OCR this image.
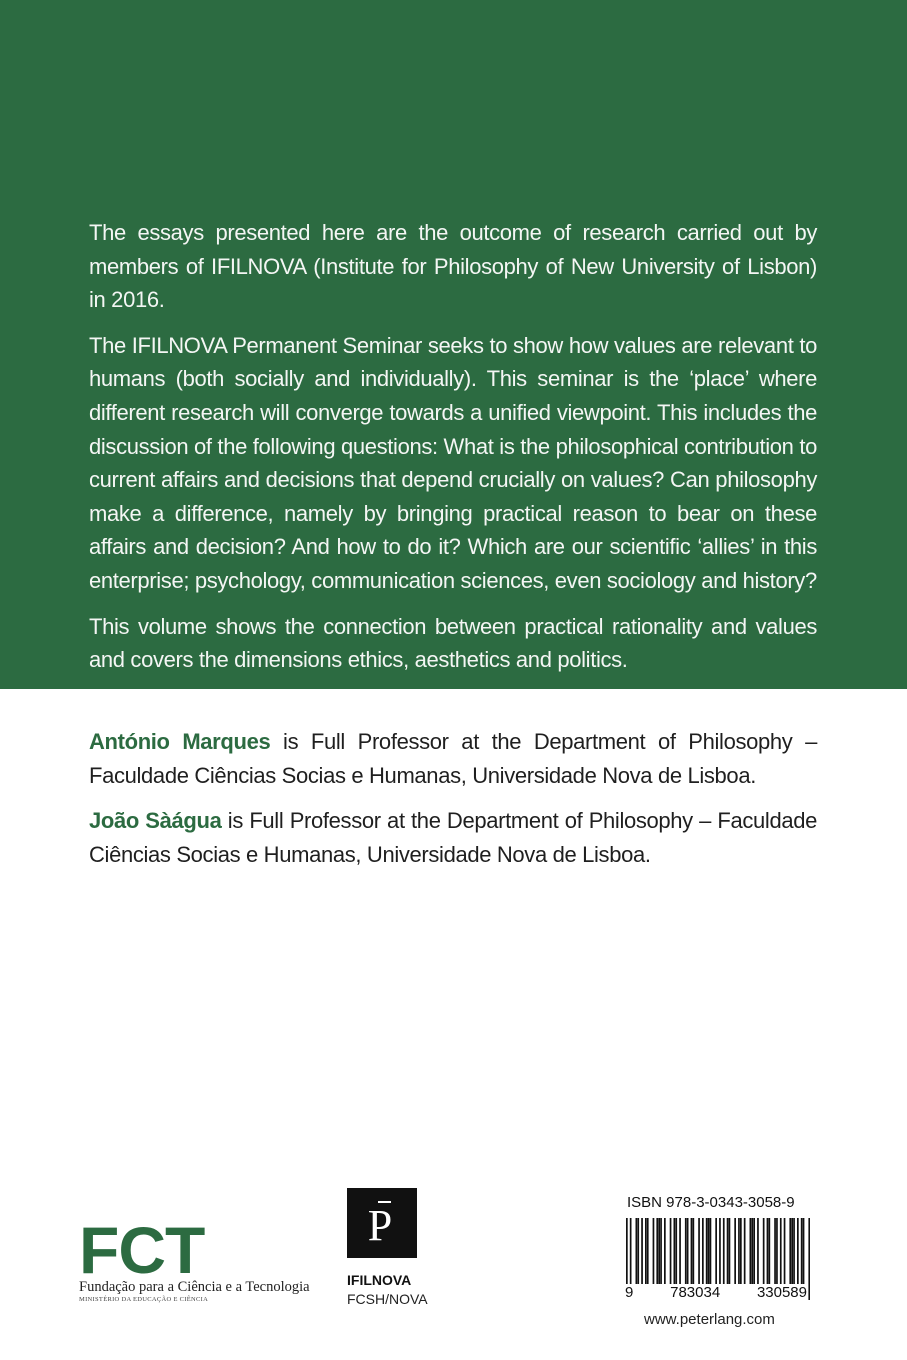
The essays presented here are the outcome of research carried out by members of IFILNOVA (Institute for Philosophy of New University of Lisbon) in 2016.

The IFILNOVA Permanent Seminar seeks to show how values are relevant to humans (both socially and individually). This seminar is the ‘place’ where different research will converge towards a unified viewpoint. This includes the discussion of the following questions: What is the philosophical contribution to current affairs and decisions that depend crucially on values? Can philosophy make a difference, namely by bringing practical reason to bear on these affairs and decision? And how to do it? Which are our scientific ‘allies’ in this enterprise; psychology, communication sciences, even sociology and history?

This volume shows the connection between practical rationality and values and covers the dimensions ethics, aesthetics and politics.

António Marques is Full Professor at the Department of Philosophy – Faculdade Ciências Socias e Humanas, Universidade Nova de Lisboa.

João Sàágua is Full Professor at the Department of Philosophy – Faculdade Ciências Socias e Humanas, Universidade Nova de Lisboa.

FCT
Fundação para a Ciência e a Tecnologia
MINISTÉRIO DA EDUCAÇÃO E CIÊNCIA
P
IFILNOVA
FCSH/NOVA
ISBN 978-3-0343-3058-9
9 783034 330589
www.peterlang.com
